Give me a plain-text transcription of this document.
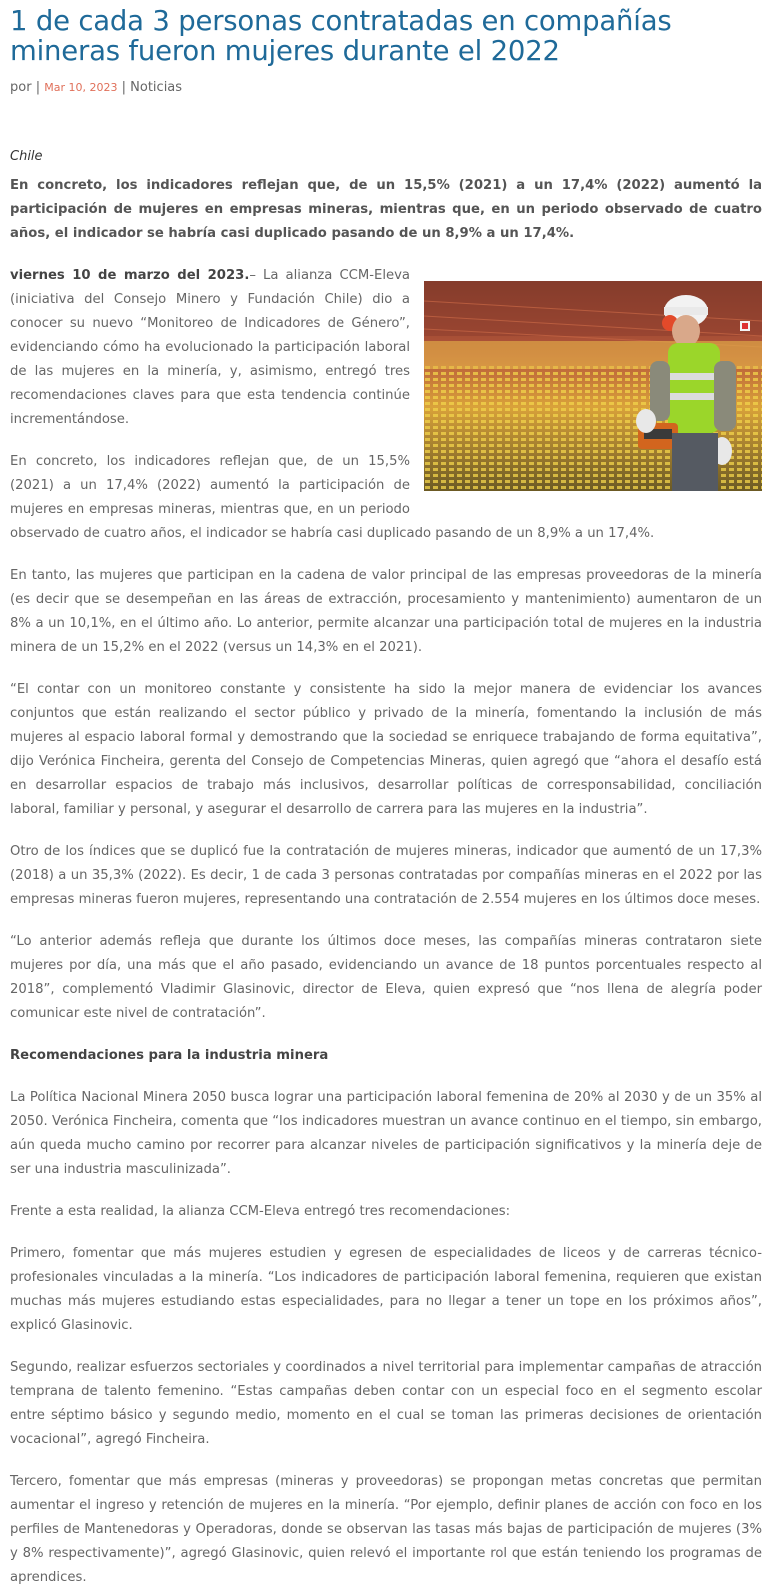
1 de cada 3 personas contratadas en compañías mineras fueron mujeres durante el 2022
por | Mar 10, 2023 | Noticias
Chile

En concreto, los indicadores reflejan que, de un 15,5% (2021) a un 17,4% (2022) aumentó la participación de mujeres en empresas mineras, mientras que, en un periodo observado de cuatro años, el indicador se habría casi duplicado pasando de un 8,9% a un 17,4%.

viernes 10 de marzo del 2023.– La alianza CCM-Eleva (iniciativa del Consejo Minero y Fundación Chile) dio a conocer su nuevo “Monitoreo de Indicadores de Género”, evidenciando cómo ha evolucionado la participación laboral de las mujeres en la minería, y, asimismo, entregó tres recomendaciones claves para que esta tendencia continúe incrementándose.

En concreto, los indicadores reflejan que, de un 15,5% (2021) a un 17,4% (2022) aumentó la participación de mujeres en empresas mineras, mientras que, en un periodo observado de cuatro años, el indicador se habría casi duplicado pasando de un 8,9% a un 17,4%.

En tanto, las mujeres que participan en la cadena de valor principal de las empresas proveedoras de la minería (es decir que se desempeñan en las áreas de extracción, procesamiento y mantenimiento) aumentaron de un 8% a un 10,1%, en el último año. Lo anterior, permite alcanzar una participación total de mujeres en la industria minera de un 15,2% en el 2022 (versus un 14,3% en el 2021).

“El contar con un monitoreo constante y consistente ha sido la mejor manera de evidenciar los avances conjuntos que están realizando el sector público y privado de la minería, fomentando la inclusión de más mujeres al espacio laboral formal y demostrando que la sociedad se enriquece trabajando de forma equitativa”, dijo Verónica Fincheira, gerenta del Consejo de Competencias Mineras, quien agregó que “ahora el desafío está en desarrollar espacios de trabajo más inclusivos, desarrollar políticas de corresponsabilidad, conciliación laboral, familiar y personal, y asegurar el desarrollo de carrera para las mujeres en la industria”.

Otro de los índices que se duplicó fue la contratación de mujeres mineras, indicador que aumentó de un 17,3% (2018) a un 35,3% (2022). Es decir, 1 de cada 3 personas contratadas por compañías mineras en el 2022 por las empresas mineras fueron mujeres, representando una contratación de 2.554 mujeres en los últimos doce meses.

“Lo anterior además refleja que durante los últimos doce meses, las compañías mineras contrataron siete mujeres por día, una más que el año pasado, evidenciando un avance de 18 puntos porcentuales respecto al 2018”, complementó Vladimir Glasinovic, director de Eleva, quien expresó que “nos llena de alegría poder comunicar este nivel de contratación”.

Recomendaciones para la industria minera

La Política Nacional Minera 2050 busca lograr una participación laboral femenina de 20% al 2030 y de un 35% al 2050. Verónica Fincheira, comenta que “los indicadores muestran un avance continuo en el tiempo, sin embargo, aún queda mucho camino por recorrer para alcanzar niveles de participación significativos y la minería deje de ser una industria masculinizada”.

Frente a esta realidad, la alianza CCM-Eleva entregó tres recomendaciones:

Primero, fomentar que más mujeres estudien y egresen de especialidades de liceos y de carreras técnico-profesionales vinculadas a la minería. “Los indicadores de participación laboral femenina, requieren que existan muchas más mujeres estudiando estas especialidades, para no llegar a tener un tope en los próximos años”, explicó Glasinovic.

Segundo, realizar esfuerzos sectoriales y coordinados a nivel territorial para implementar campañas de atracción temprana de talento femenino. “Estas campañas deben contar con un especial foco en el segmento escolar entre séptimo básico y segundo medio, momento en el cual se toman las primeras decisiones de orientación vocacional”, agregó Fincheira.

Tercero, fomentar que más empresas (mineras y proveedoras) se propongan metas concretas que permitan aumentar el ingreso y retención de mujeres en la minería. “Por ejemplo, definir planes de acción con foco en los perfiles de Mantenedoras y Operadoras, donde se observan las tasas más bajas de participación de mujeres (3% y 8% respectivamente)”, agregó Glasinovic, quien relevó el importante rol que están teniendo los programas de aprendices.
